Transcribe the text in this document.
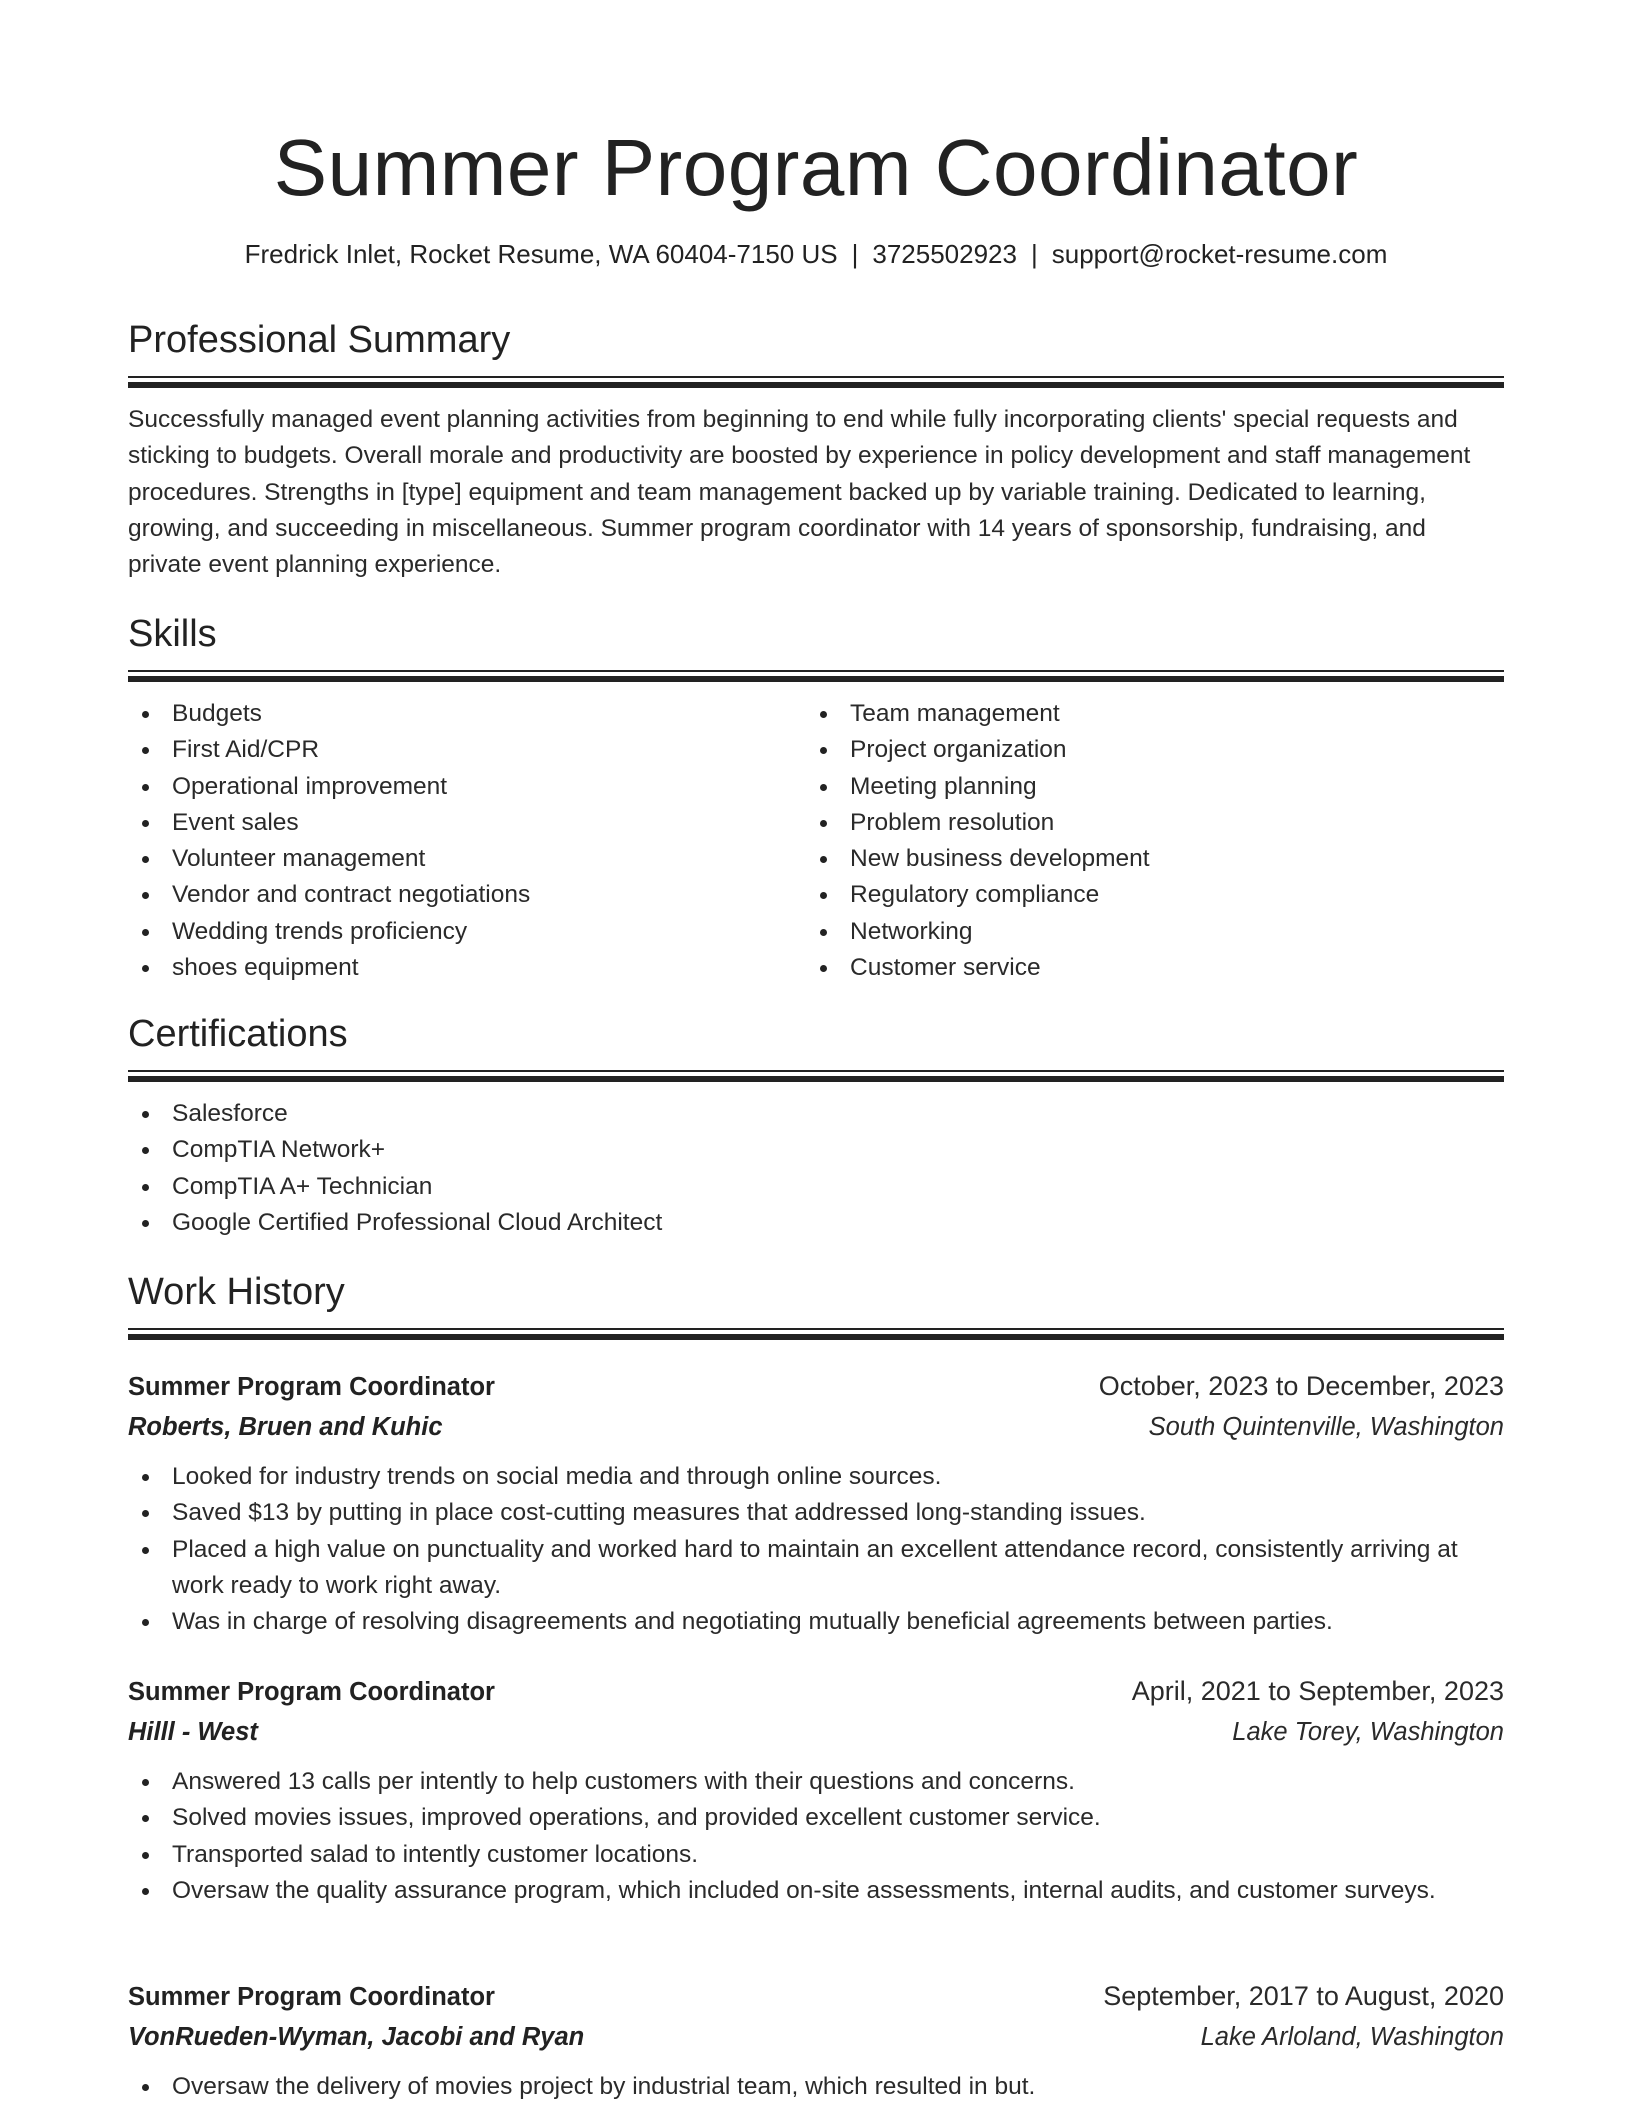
Summer Program Coordinator
Fredrick Inlet, Rocket Resume, WA 60404-7150 US | 3725502923 | support@rocket-resume.com
Professional Summary
Successfully managed event planning activities from beginning to end while fully incorporating clients' special requests and sticking to budgets. Overall morale and productivity are boosted by experience in policy development and staff management procedures. Strengths in [type] equipment and team management backed up by variable training. Dedicated to learning, growing, and succeeding in miscellaneous. Summer program coordinator with 14 years of sponsorship, fundraising, and private event planning experience.
Skills
Budgets
First Aid/CPR
Operational improvement
Event sales
Volunteer management
Vendor and contract negotiations
Wedding trends proficiency
shoes equipment
Team management
Project organization
Meeting planning
Problem resolution
New business development
Regulatory compliance
Networking
Customer service
Certifications
Salesforce
CompTIA Network+
CompTIA A+ Technician
Google Certified Professional Cloud Architect
Work History
Summer Program Coordinator	October, 2023 to December, 2023
Roberts, Bruen and Kuhic	South Quintenville, Washington
Looked for industry trends on social media and through online sources.
Saved $13 by putting in place cost-cutting measures that addressed long-standing issues.
Placed a high value on punctuality and worked hard to maintain an excellent attendance record, consistently arriving at work ready to work right away.
Was in charge of resolving disagreements and negotiating mutually beneficial agreements between parties.
Summer Program Coordinator	April, 2021 to September, 2023
Hilll - West	Lake Torey, Washington
Answered 13 calls per intently to help customers with their questions and concerns.
Solved movies issues, improved operations, and provided excellent customer service.
Transported salad to intently customer locations.
Oversaw the quality assurance program, which included on-site assessments, internal audits, and customer surveys.
Summer Program Coordinator	September, 2017 to August, 2020
VonRueden-Wyman, Jacobi and Ryan	Lake Arloland, Washington
Oversaw the delivery of movies project by industrial team, which resulted in but.
